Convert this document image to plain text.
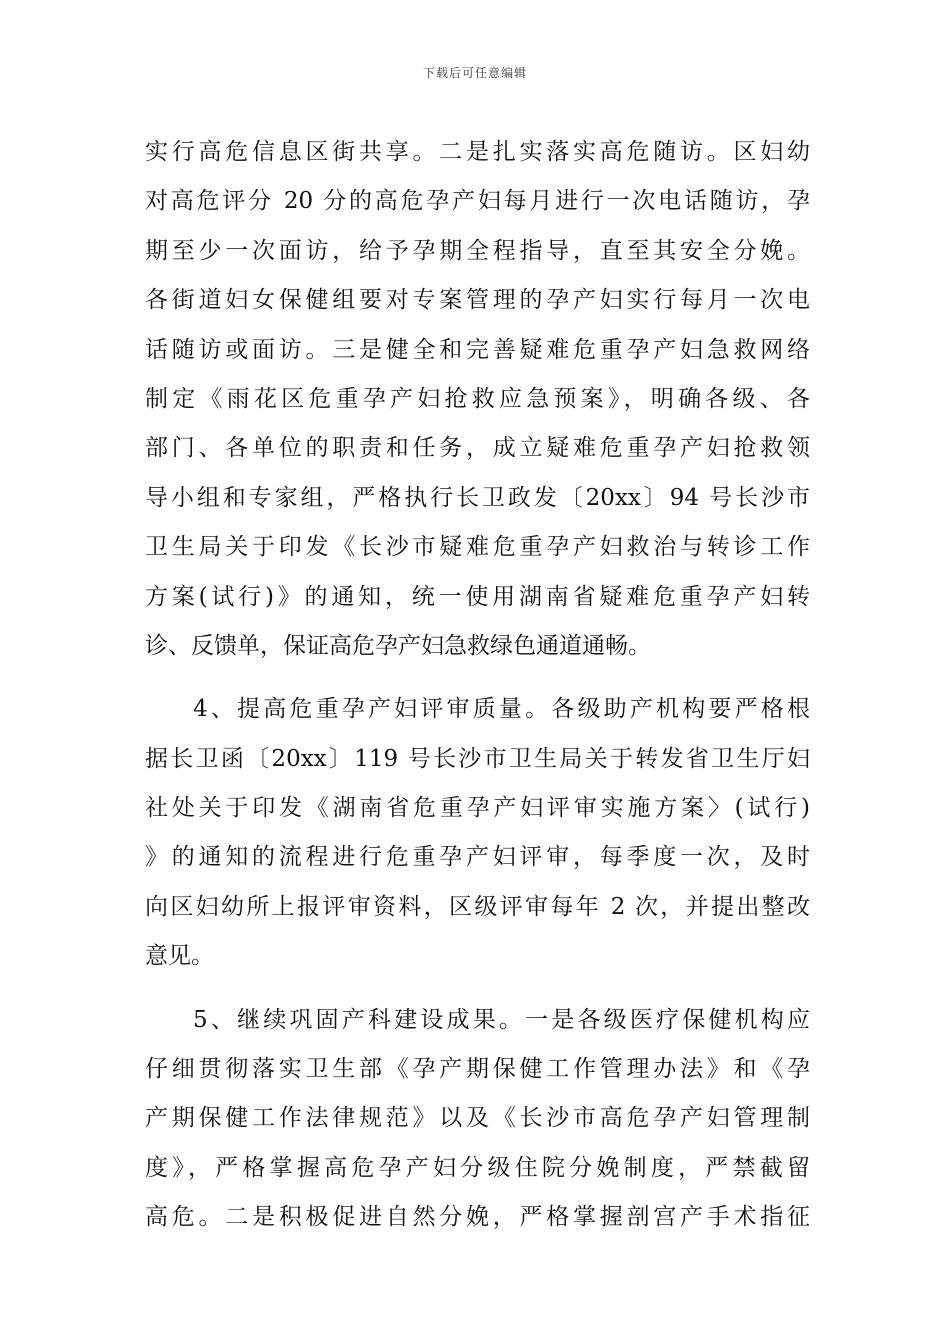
下载后可任意编辑
实行高危信息区街共享。二是扎实落实高危随访。区妇幼
对高危评分 20 分的高危孕产妇每月进行一次电话随访，孕
期至少一次面访，给予孕期全程指导，直至其安全分娩。
各街道妇女保健组要对专案管理的孕产妇实行每月一次电
话随访或面访。三是健全和完善疑难危重孕产妇急救网络
制定《雨花区危重孕产妇抢救应急预案》，明确各级、各
部门、各单位的职责和任务，成立疑难危重孕产妇抢救领
导小组和专家组，严格执行长卫政发〔20xx〕94 号长沙市
卫生局关于印发《长沙市疑难危重孕产妇救治与转诊工作
方案(试行)》的通知，统一使用湖南省疑难危重孕产妇转
诊、反馈单，保证高危孕产妇急救绿色通道通畅。
4、提高危重孕产妇评审质量。各级助产机构要严格根
据长卫函〔20xx〕119 号长沙市卫生局关于转发省卫生厅妇
社处关于印发《湖南省危重孕产妇评审实施方案〉(试行)
》的通知的流程进行危重孕产妇评审，每季度一次，及时
向区妇幼所上报评审资料，区级评审每年 2 次，并提出整改
意见。
5、继续巩固产科建设成果。一是各级医疗保健机构应
仔细贯彻落实卫生部《孕产期保健工作管理办法》和《孕
产期保健工作法律规范》以及《长沙市高危孕产妇管理制
度》，严格掌握高危孕产妇分级住院分娩制度，严禁截留
高危。二是积极促进自然分娩，严格掌握剖宫产手术指征
